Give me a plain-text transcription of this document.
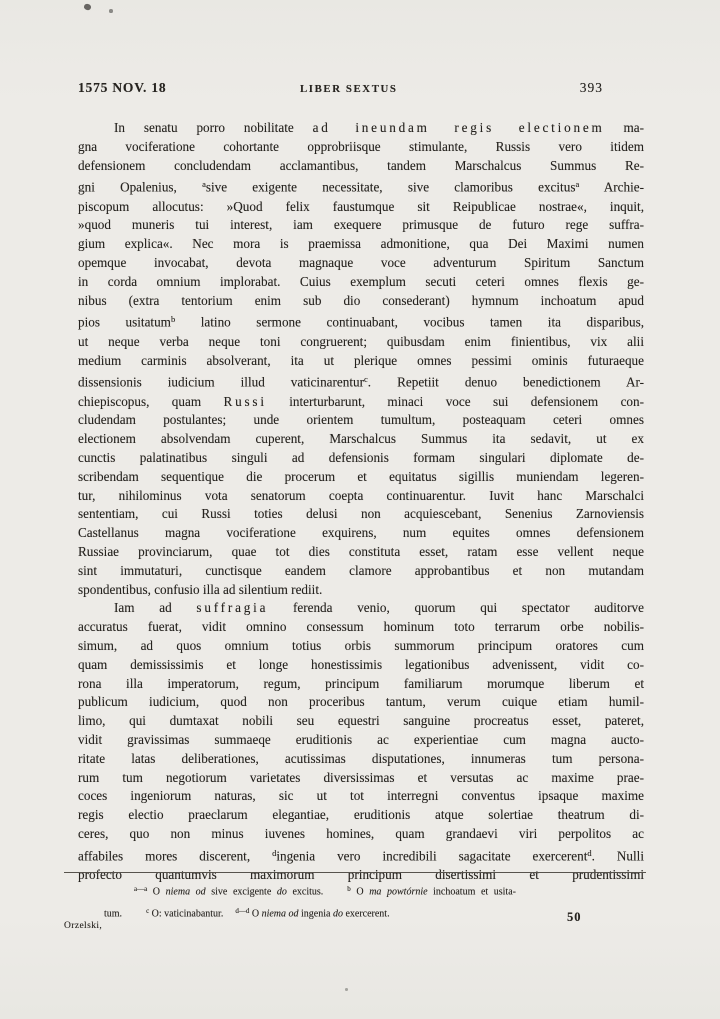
1575 NOV. 18	LIBER SEXTUS	393
In senatu porro nobilitate ad ineundam regis electionem ma-
gna vociferatione cohortante opprobriisque stimulante, Russis vero itidem
defensionem concludendam acclamantibus, tandem Marschalcus Summus Re-
gni Opalenius, $^a$sive exigente necessitate, sive clamoribus excitus$^a$ Archie-
piscopum allocutus: »Quod felix faustumque sit Reipublicae nostrae«, inquit,
»quod muneris tui interest, iam exequere primusque de futuro rege suffra-
gium explica«. Nec mora is praemissa admonitione, qua Dei Maximi numen
opemque invocabat, devota magnaque voce adventurum Spiritum Sanctum
in corda omnium implorabat. Cuius exemplum secuti ceteri omnes flexis ge-
nibus (extra tentorium enim sub dio consederant) hymnum inchoatum apud
pios usitatum$^b$ latino sermone continuabant, vocibus tamen ita disparibus,
ut neque verba neque toni congruerent; quibusdam enim finientibus, vix alii
medium carminis absolverant, ita ut plerique omnes pessimi ominis futuraeque
dissensionis iudicium illud vaticinarentur$^c$. Repetiit denuo benedictionem Ar-
chiepiscopus, quam Russi interturbarunt, minaci voce sui defensionem con-
cludendam postulantes; unde orientem tumultum, posteaquam ceteri omnes
electionem absolvendam cuperent, Marschalcus Summus ita sedavit, ut ex
cunctis palatinatibus singuli ad defensionis formam singulari diplomate de-
scribendam sequentique die procerum et equitatus sigillis muniendam legeren-
tur, nihilominus vota senatorum coepta continuarentur. Iuvit hanc Marschalci
sententiam, cui Russi toties delusi non acquiescebant, Senenius Zarnoviensis
Castellanus magna vociferatione exquirens, num equites omnes defensionem
Russiae provinciarum, quae tot dies constituta esset, ratam esse vellent neque
sint immutaturi, cunctisque eandem clamore approbantibus et non mutandam
spondentibus, confusio illa ad silentium rediit.
Iam ad suffragia ferenda venio, quorum qui spectator auditorve
accuratus fuerat, vidit omnino consessum hominum toto terrarum orbe nobilis-
simum, ad quos omnium totius orbis summorum principum oratores cum
quam demississimis et longe honestissimis legationibus advenissent, vidit co-
rona illa imperatorum, regum, principum familiarum morumque liberum et
publicum iudicium, quod non proceribus tantum, verum cuique etiam humil-
limo, qui dumtaxat nobili seu equestri sanguine procreatus esset, pateret,
vidit gravissimas summaeqe eruditionis ac experientiae cum magna aucto-
ritate latas deliberationes, acutissimas disputationes, innumeras tum persona-
rum tum negotiorum varietates diversissimas et versutas ac maxime prae-
coces ingeniorum naturas, sic ut tot interregni conventus ipsaque maxime
regis electio praeclarum elegantiae, eruditionis atque solertiae theatrum di-
ceres, quo non minus iuvenes homines, quam grandaevi viri perpolitos ac
affabiles mores discerent, $^d$ingenia vero incredibili sagacitate exercerent$^d$. Nulli
profecto quantumvis maximorum principum disertissimi et prudentissimi
$^{a—a}$ O niema od sive excigente do excitus.	$^b$ O ma powtórnie inchoatum et usita-
tum.	$^c$ O: vaticinabantur. $^{d—d}$ O niema od ingenia do exercerent.
Orzelski,
50
